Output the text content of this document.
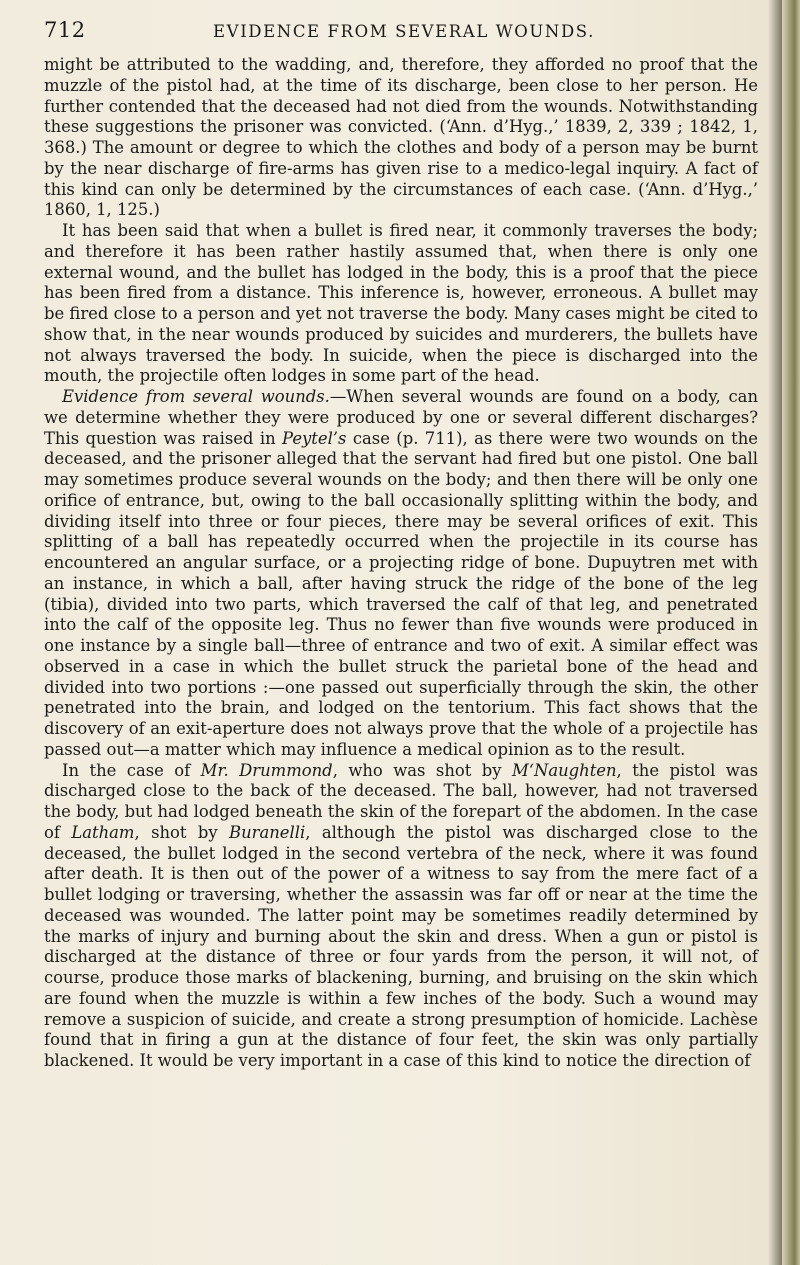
712	EVIDENCE FROM SEVERAL WOUNDS.

might be attributed to the wadding, and, therefore, they afforded no proof that the muzzle of the pistol had, at the time of its discharge, been close to her person. He further contended that the deceased had not died from the wounds. Notwithstanding these suggestions the prisoner was convicted. (‘Ann. d’Hyg.,’ 1839, 2, 339 ; 1842, 1, 368.) The amount or degree to which the clothes and body of a person may be burnt by the near discharge of fire-arms has given rise to a medico-legal inquiry. A fact of this kind can only be determined by the circumstances of each case. (‘Ann. d’Hyg.,’ 1860, 1, 125.)

It has been said that when a bullet is fired near, it commonly traverses the body; and therefore it has been rather hastily assumed that, when there is only one external wound, and the bullet has lodged in the body, this is a proof that the piece has been fired from a distance. This inference is, however, erroneous. A bullet may be fired close to a person and yet not traverse the body. Many cases might be cited to show that, in the near wounds produced by suicides and murderers, the bullets have not always traversed the body. In suicide, when the piece is discharged into the mouth, the projectile often lodges in some part of the head.

Evidence from several wounds.—When several wounds are found on a body, can we determine whether they were produced by one or several different discharges? This question was raised in Peytel’s case (p. 711), as there were two wounds on the deceased, and the prisoner alleged that the servant had fired but one pistol. One ball may sometimes produce several wounds on the body; and then there will be only one orifice of entrance, but, owing to the ball occasionally splitting within the body, and dividing itself into three or four pieces, there may be several orifices of exit. This splitting of a ball has repeatedly occurred when the projectile in its course has encountered an angular surface, or a projecting ridge of bone. Dupuytren met with an instance, in which a ball, after having struck the ridge of the bone of the leg (tibia), divided into two parts, which traversed the calf of that leg, and penetrated into the calf of the opposite leg. Thus no fewer than five wounds were produced in one instance by a single ball—three of entrance and two of exit. A similar effect was observed in a case in which the bullet struck the parietal bone of the head and divided into two portions :—one passed out superficially through the skin, the other penetrated into the brain, and lodged on the tentorium. This fact shows that the discovery of an exit-aperture does not always prove that the whole of a projectile has passed out—a matter which may influence a medical opinion as to the result.

In the case of Mr. Drummond, who was shot by M‘Naughten, the pistol was discharged close to the back of the deceased. The ball, however, had not traversed the body, but had lodged beneath the skin of the forepart of the abdomen. In the case of Latham, shot by Buranelli, although the pistol was discharged close to the deceased, the bullet lodged in the second vertebra of the neck, where it was found after death. It is then out of the power of a witness to say from the mere fact of a bullet lodging or traversing, whether the assassin was far off or near at the time the deceased was wounded. The latter point may be sometimes readily determined by the marks of injury and burning about the skin and dress. When a gun or pistol is discharged at the distance of three or four yards from the person, it will not, of course, produce those marks of blackening, burning, and bruising on the skin which are found when the muzzle is within a few inches of the body. Such a wound may remove a suspicion of suicide, and create a strong presumption of homicide. Lachèse found that in firing a gun at the distance of four feet, the skin was only partially blackened. It would be very important in a case of this kind to notice the direction of
